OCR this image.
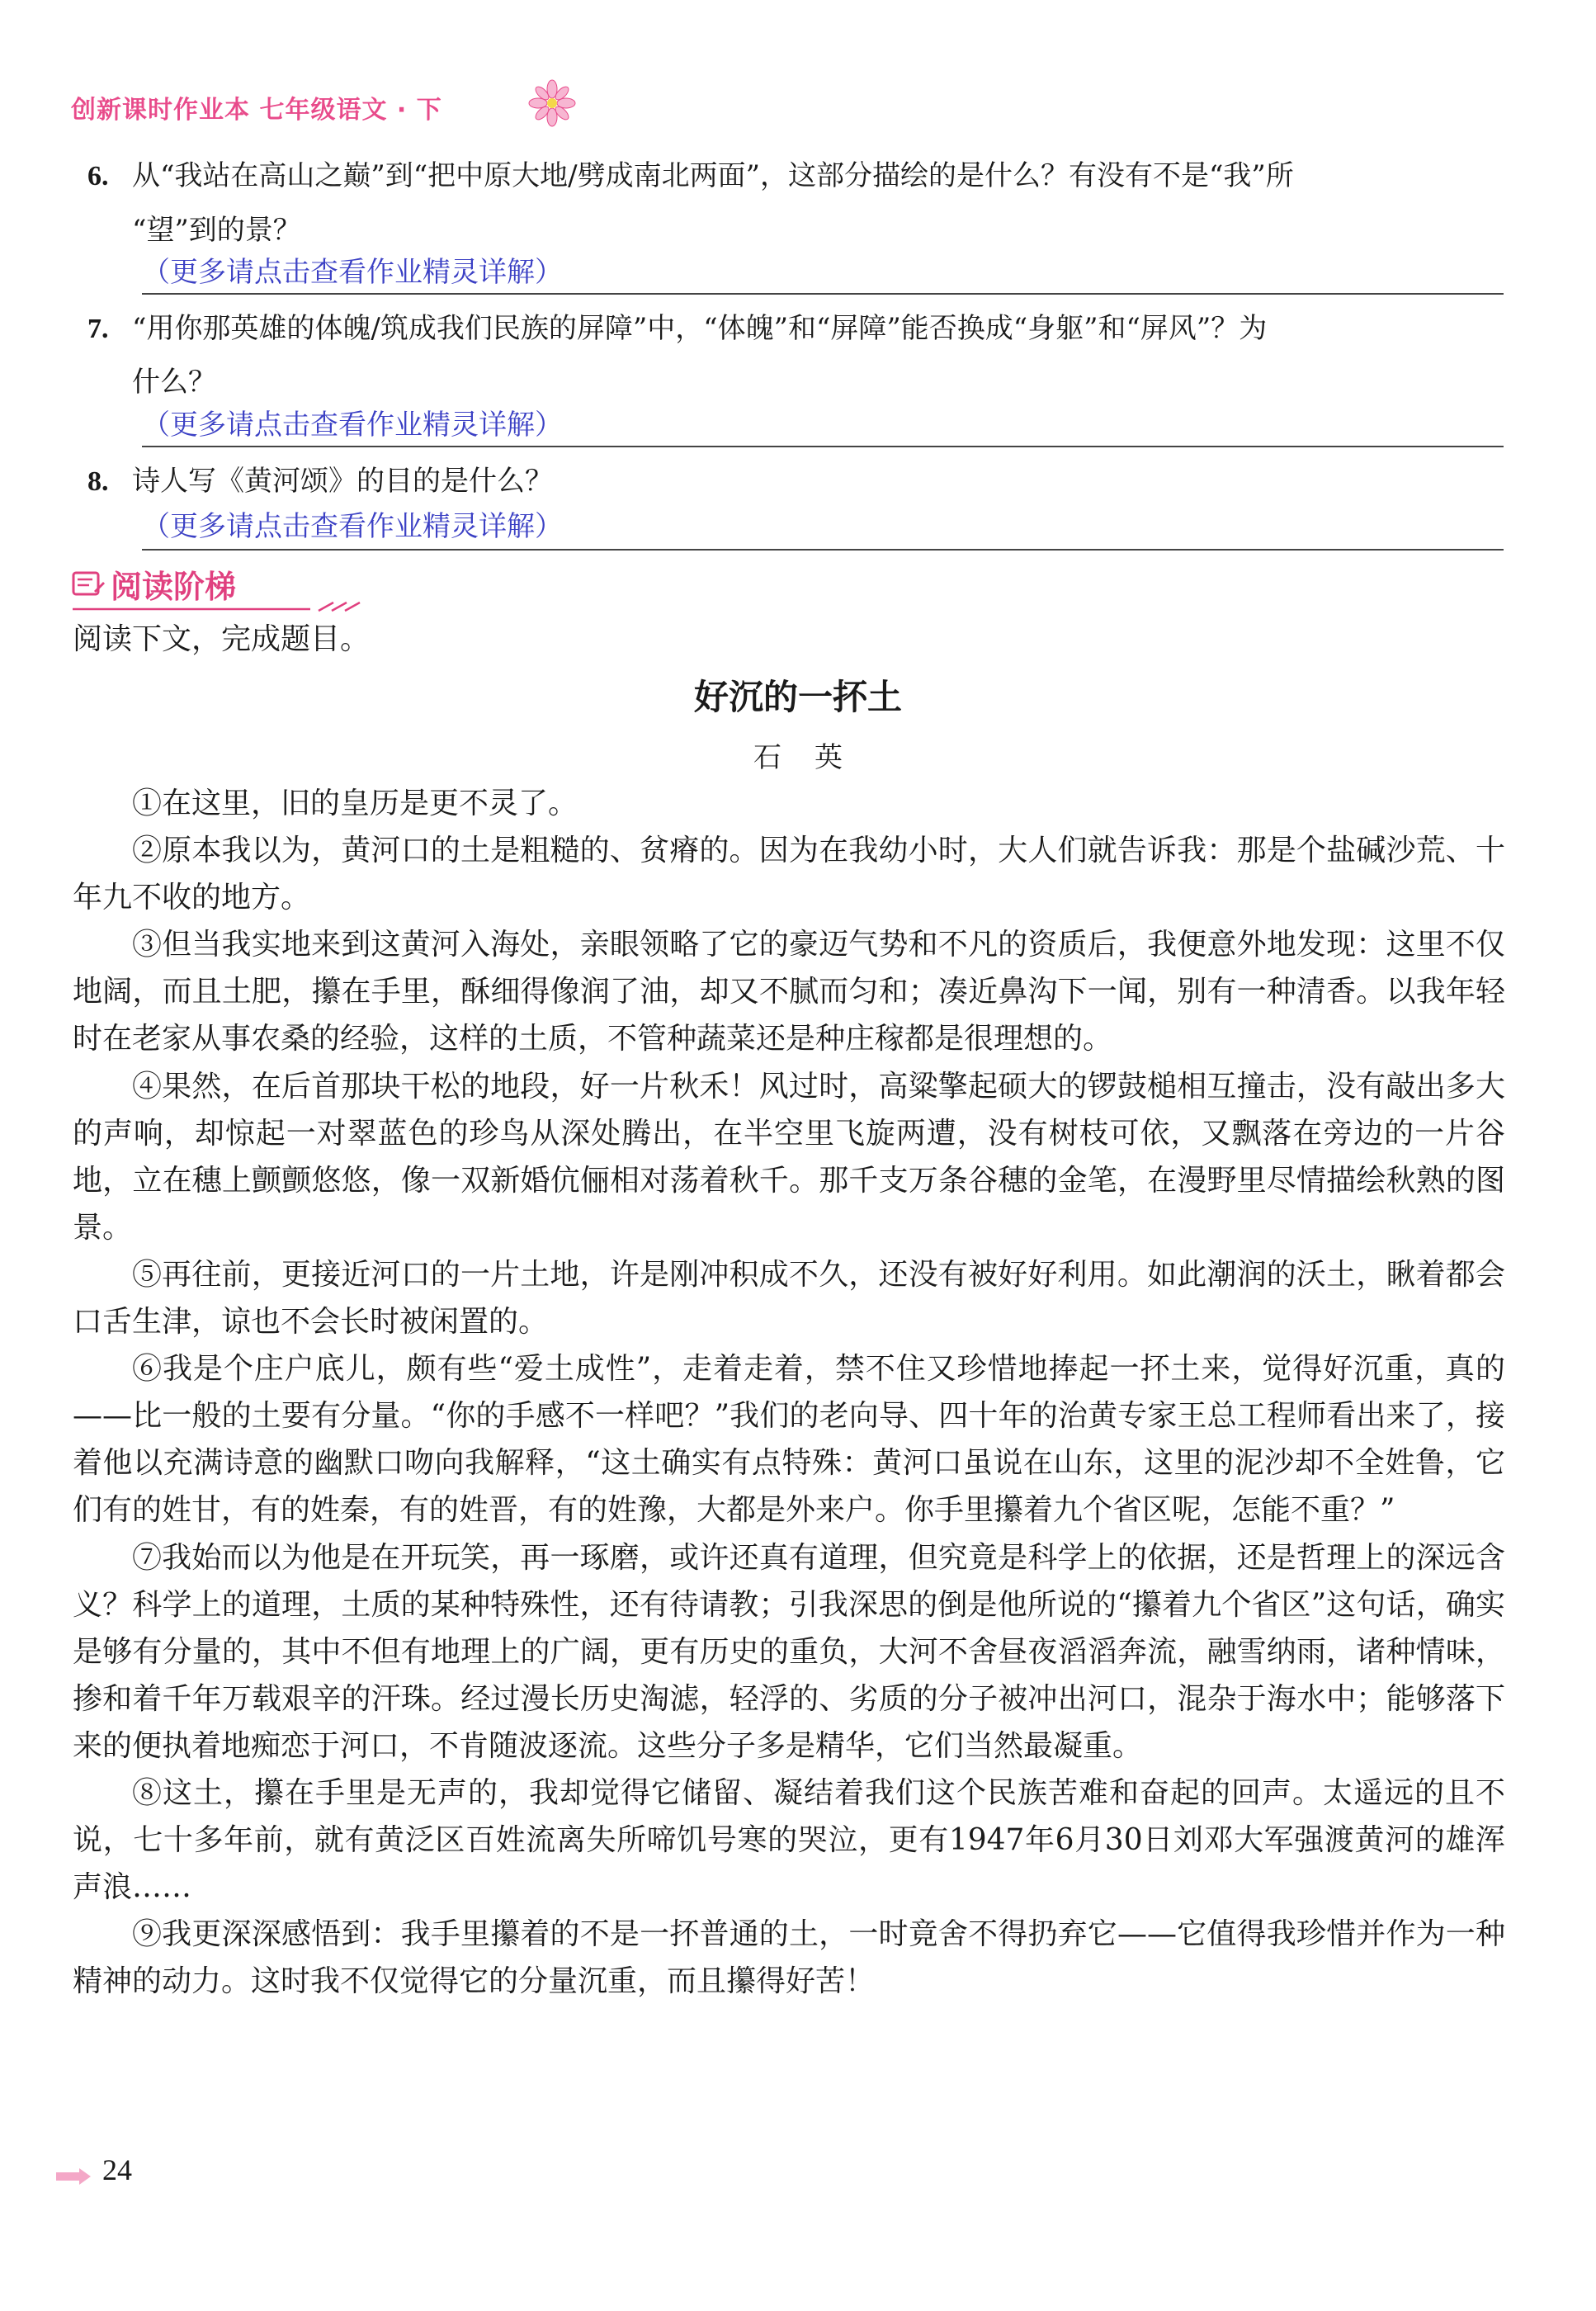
创新课时作业本 七年级语文 · 下
6. 从“我站在高山之巅”到“把中原大地/劈成南北两面”，这部分描绘的是什么？有没有不是“我”所
“望”到的景？
（更多请点击查看作业精灵详解）
7. “用你那英雄的体魄/筑成我们民族的屏障”中，“体魄”和“屏障”能否换成“身躯”和“屏风”？为
什么？
（更多请点击查看作业精灵详解）
8. 诗人写《黄河颂》的目的是什么？
（更多请点击查看作业精灵详解）
阅读阶梯
阅读下文，完成题目。
好沉的一抔土
石英

①在这里，旧的皇历是更不灵了。

②原本我以为，黄河口的土是粗糙的、贫瘠的。因为在我幼小时，大人们就告诉我：那是个盐碱沙荒、十年九不收的地方。

③但当我实地来到这黄河入海处，亲眼领略了它的豪迈气势和不凡的资质后，我便意外地发现：这里不仅地阔，而且土肥，攥在手里，酥细得像润了油，却又不腻而匀和；凑近鼻沟下一闻，别有一种清香。以我年轻时在老家从事农桑的经验，这样的土质，不管种蔬菜还是种庄稼都是很理想的。

④果然，在后首那块干松的地段，好一片秋禾！风过时，高粱擎起硕大的锣鼓槌相互撞击，没有敲出多大的声响，却惊起一对翠蓝色的珍鸟从深处腾出，在半空里飞旋两遭，没有树枝可依，又飘落在旁边的一片谷地，立在穗上颤颤悠悠，像一双新婚伉俪相对荡着秋千。那千支万条谷穗的金笔，在漫野里尽情描绘秋熟的图景。

⑤再往前，更接近河口的一片土地，许是刚冲积成不久，还没有被好好利用。如此潮润的沃土，瞅着都会口舌生津，谅也不会长时被闲置的。

⑥我是个庄户底儿，颇有些“爱土成性”，走着走着，禁不住又珍惜地捧起一抔土来，觉得好沉重，真的——比一般的土要有分量。“你的手感不一样吧？”我们的老向导、四十年的治黄专家王总工程师看出来了，接着他以充满诗意的幽默口吻向我解释，“这土确实有点特殊：黄河口虽说在山东，这里的泥沙却不全姓鲁，它们有的姓甘，有的姓秦，有的姓晋，有的姓豫，大都是外来户。你手里攥着九个省区呢，怎能不重？”

⑦我始而以为他是在开玩笑，再一琢磨，或许还真有道理，但究竟是科学上的依据，还是哲理上的深远含义？科学上的道理，土质的某种特殊性，还有待请教；引我深思的倒是他所说的“攥着九个省区”这句话，确实是够有分量的，其中不但有地理上的广阔，更有历史的重负，大河不舍昼夜滔滔奔流，融雪纳雨，诸种情味，掺和着千年万载艰辛的汗珠。经过漫长历史淘滤，轻浮的、劣质的分子被冲出河口，混杂于海水中；能够落下来的便执着地痴恋于河口，不肯随波逐流。这些分子多是精华，它们当然最凝重。

⑧这土，攥在手里是无声的，我却觉得它储留、凝结着我们这个民族苦难和奋起的回声。太遥远的且不说，七十多年前，就有黄泛区百姓流离失所啼饥号寒的哭泣，更有1947年6月30日刘邓大军强渡黄河的雄浑声浪……

⑨我更深深感悟到：我手里攥着的不是一抔普通的土，一时竟舍不得扔弃它——它值得我珍惜并作为一种精神的动力。这时我不仅觉得它的分量沉重，而且攥得好苦！

24
